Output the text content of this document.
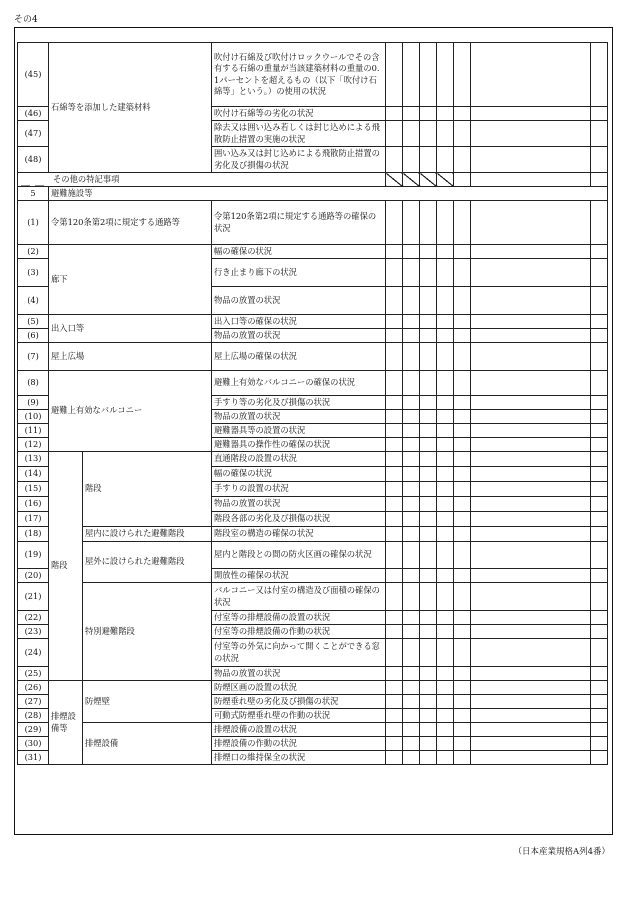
その4
(45)	石綿等を添加した建築材料		吹付け石綿及び吹付けロックウールでその含有する石綿の重量が当該建築材料の重量の0.1パーセントを超えるもの（以下「吹付け石綿等」という。）の使用の状況							
(46)			吹付け石綿等の劣化の状況							
(47)			除去又は囲い込み若しくは封じ込めによる飛散防止措置の実施の状況							
(48)			囲い込み又は封じ込めによる飛散防止措置の劣化及び損傷の状況							
その他の特記事項										
5	避難施設等									
(1)	令第120条第2項に規定する通路等		令第120条第2項に規定する通路等の確保の状況							
(2)	廊下		幅の確保の状況							
(3)			行き止まり廊下の状況							
(4)			物品の放置の状況							
(5)	出入口等		出入口等の確保の状況							
(6)			物品の放置の状況							
(7)	屋上広場		屋上広場の確保の状況							
(8)	避難上有効なバルコニー		避難上有効なバルコニーの確保の状況							
(9)			手すり等の劣化及び損傷の状況							
(10)			物品の放置の状況							
(11)			避難器具等の設置の状況							
(12)			避難器具の操作性の確保の状況							
(13)	階段	階段	直通階段の設置の状況							
(14)			幅の確保の状況							
(15)			手すりの設置の状況							
(16)			物品の放置の状況							
(17)			階段各部の劣化及び損傷の状況							
(18)		屋内に設けられた避難階段	階段室の構造の確保の状況							
(19)		屋外に設けられた避難階段	屋内と階段との間の防火区画の確保の状況							
(20)			開放性の確保の状況							
(21)		特別避難階段	バルコニー又は付室の構造及び面積の確保の状況							
(22)			付室等の排煙設備の設置の状況							
(23)			付室等の排煙設備の作動の状況							
(24)			付室等の外気に向かって開くことができる窓の状況							
(25)			物品の放置の状況							
(26)	排煙設備等	防煙壁	防煙区画の設置の状況							
(27)			防煙垂れ壁の劣化及び損傷の状況							
(28)			可動式防煙垂れ壁の作動の状況							
(29)		排煙設備	排煙設備の設置の状況							
(30)			排煙設備の作動の状況							
(31)			排煙口の維持保全の状況							
（日本産業規格A列4番）
